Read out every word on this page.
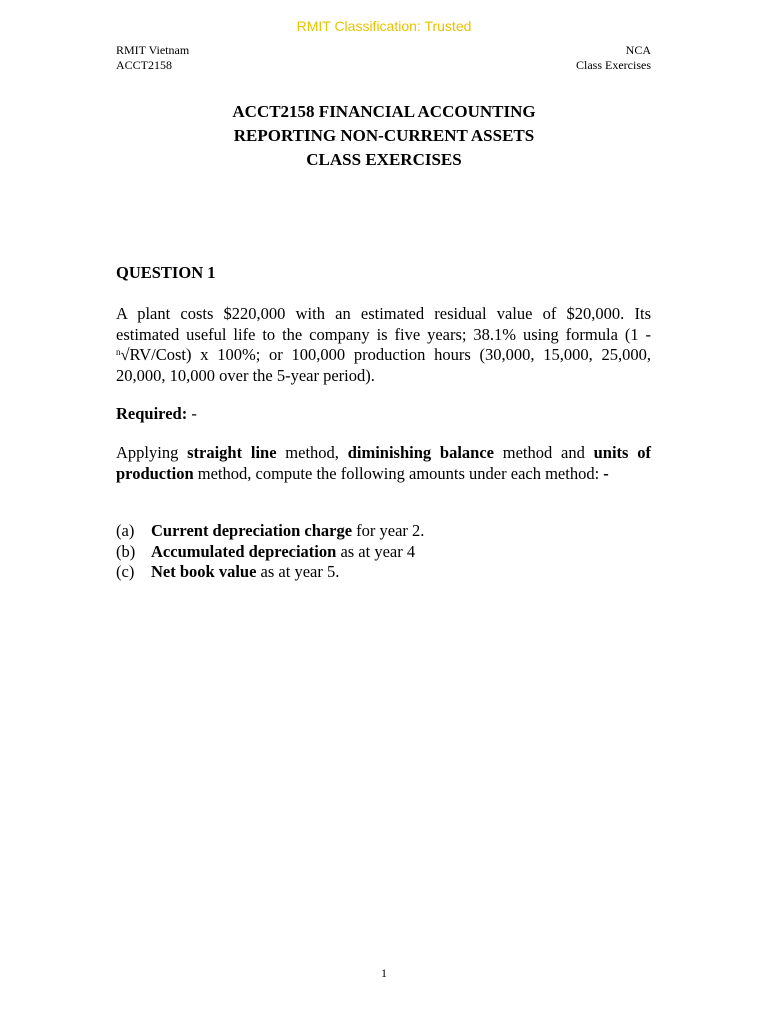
RMIT Classification: Trusted
RMIT Vietnam
ACCT2158
NCA
Class Exercises
ACCT2158 FINANCIAL ACCOUNTING
REPORTING NON-CURRENT ASSETS
CLASS EXERCISES
QUESTION 1
A plant costs $220,000 with an estimated residual value of $20,000. Its estimated useful life to the company is five years; 38.1% using formula (1 - $^n$√RV/Cost) x 100%; or 100,000 production hours (30,000, 15,000, 25,000, 20,000, 10,000 over the 5-year period).
Required: -
Applying straight line method, diminishing balance method and units of production method, compute the following amounts under each method: -
(a)	Current depreciation charge for year 2.
(b) Accumulated depreciation as at year 4
(c)	Net book value as at year 5.
1
